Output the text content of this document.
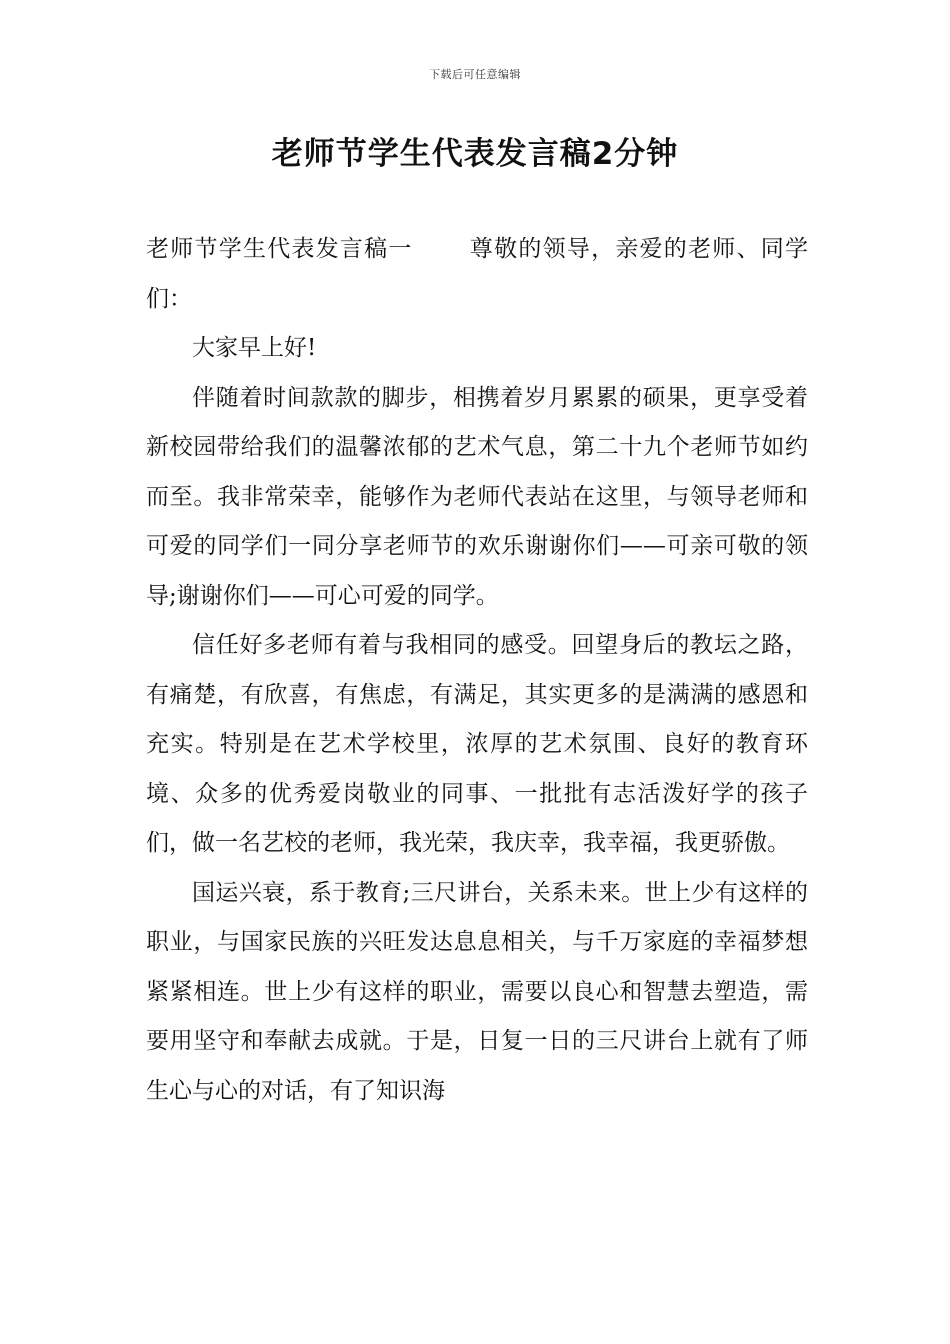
下载后可任意编辑
老师节学生代表发言稿2分钟

老师节学生代表发言稿一 尊敬的领导，亲爱的老师、同学们：

大家早上好!

伴随着时间款款的脚步，相携着岁月累累的硕果，更享受着新校园带给我们的温馨浓郁的艺术气息，第二十九个老师节如约而至。我非常荣幸，能够作为老师代表站在这里，与领导老师和可爱的同学们一同分享老师节的欢乐谢谢你们——可亲可敬的领导;谢谢你们——可心可爱的同学。

信任好多老师有着与我相同的感受。回望身后的教坛之路，有痛楚，有欣喜，有焦虑，有满足，其实更多的是满满的感恩和充实。特别是在艺术学校里，浓厚的艺术氛围、良好的教育环境、众多的优秀爱岗敬业的同事、一批批有志活泼好学的孩子们，做一名艺校的老师，我光荣，我庆幸，我幸福，我更骄傲。

国运兴衰，系于教育;三尺讲台，关系未来。世上少有这样的职业，与国家民族的兴旺发达息息相关，与千万家庭的幸福梦想紧紧相连。世上少有这样的职业，需要以良心和智慧去塑造，需要用坚守和奉献去成就。于是，日复一日的三尺讲台上就有了师生心与心的对话，有了知识海
